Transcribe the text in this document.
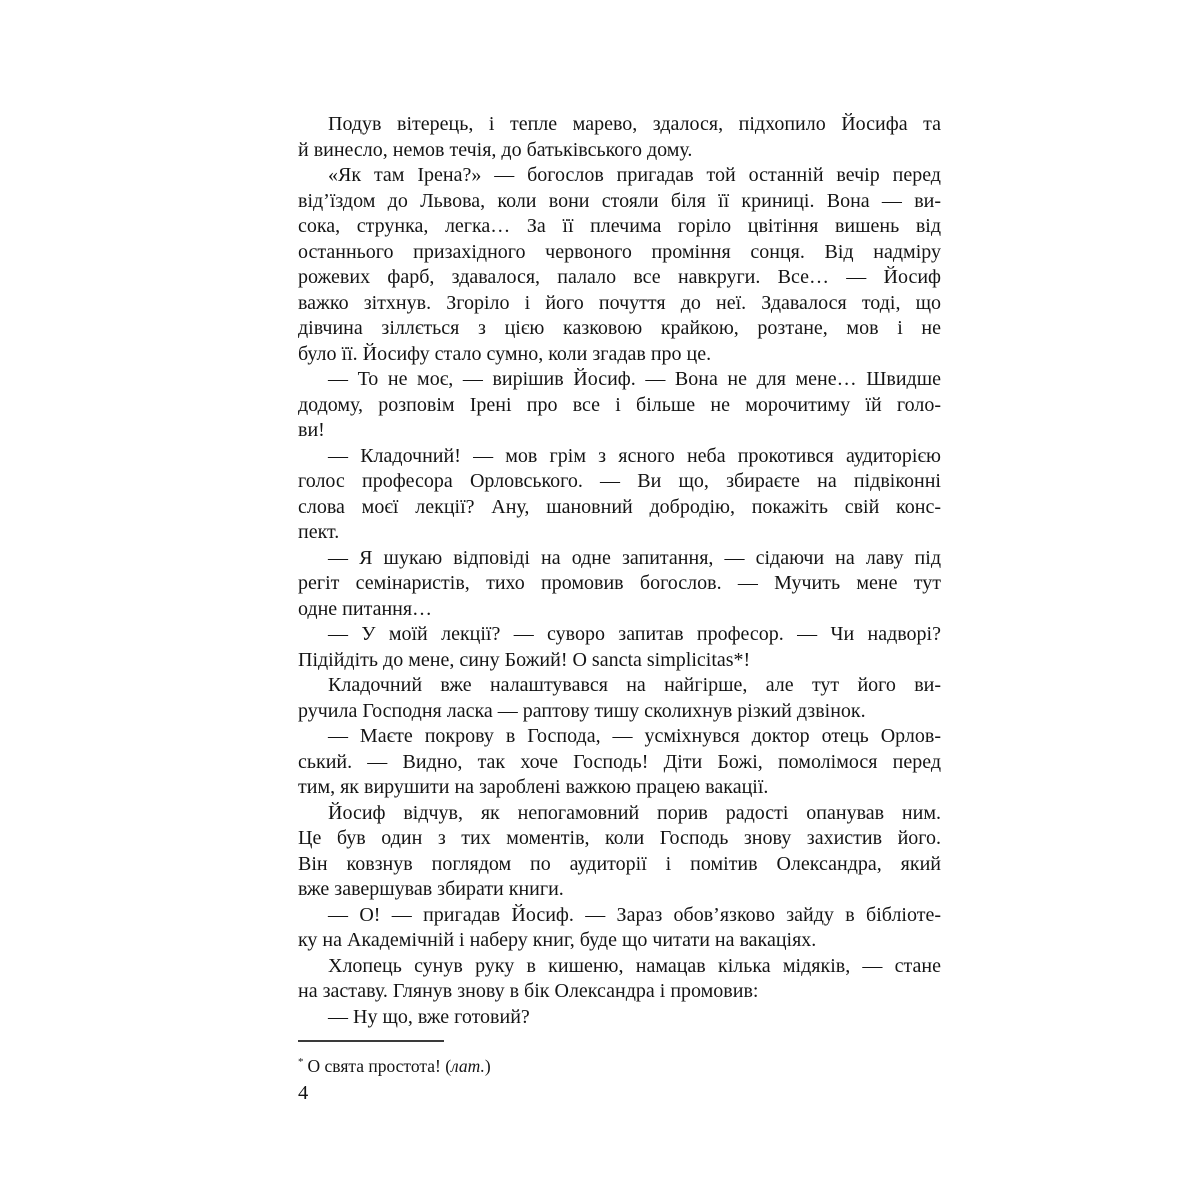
Подув вітерець, і тепле марево, здалося, підхопило Йосифа та
й винесло, немов течія, до батьківського дому.
«Як там Ірена?» — богослов пригадав той останній вечір перед
від’їздом до Львова, коли вони стояли біля її криниці. Вона — ви-
сока, струнка, легка… За її плечима горіло цвітіння вишень від
останнього призахідного червоного проміння сонця. Від надміру
рожевих фарб, здавалося, палало все навкруги. Все… — Йосиф
важко зітхнув. Згоріло і його почуття до неї. Здавалося тоді, що
дівчина зіллється з цією казковою крайкою, розтане, мов і не
було її. Йосифу стало сумно, коли згадав про це.
— То не моє, — вирішив Йосиф. — Вона не для мене… Швидше
додому, розповім Ірені про все і більше не морочитиму їй голо-
ви!
— Кладочний! — мов грім з ясного неба прокотився аудиторією
голос професора Орловського. — Ви що, збираєте на підвіконні
слова моєї лекції? Ану, шановний добродію, покажіть свій конс-
пект.
— Я шукаю відповіді на одне запитання, — сідаючи на лаву під
регіт семінаристів, тихо промовив богослов. — Мучить мене тут
одне питання…
— У моїй лекції? — суворо запитав професор. — Чи надворі?
Підійдіть до мене, сину Божий! O sancta simplicitas*!
Кладочний вже налаштувався на найгірше, але тут його ви-
ручила Господня ласка — раптову тишу сколихнув різкий дзвінок.
— Маєте покрову в Господа, — усміхнувся доктор отець Орлов-
ський. — Видно, так хоче Господь! Діти Божі, помолімося перед
тим, як вирушити на зароблені важкою працею вакації.
Йосиф відчув, як непогамовний порив радості опанував ним.
Це був один з тих моментів, коли Господь знову захистив його.
Він ковзнув поглядом по аудиторії і помітив Олександра, який
вже завершував збирати книги.
— О! — пригадав Йосиф. — Зараз обов’язково зайду в бібліоте-
ку на Академічній і наберу книг, буде що читати на вакаціях.
Хлопець сунув руку в кишеню, намацав кілька мідяків, — стане
на заставу. Глянув знову в бік Олександра і промовив:
— Ну що, вже готовий?
* О свята простота! (лат.)
4
